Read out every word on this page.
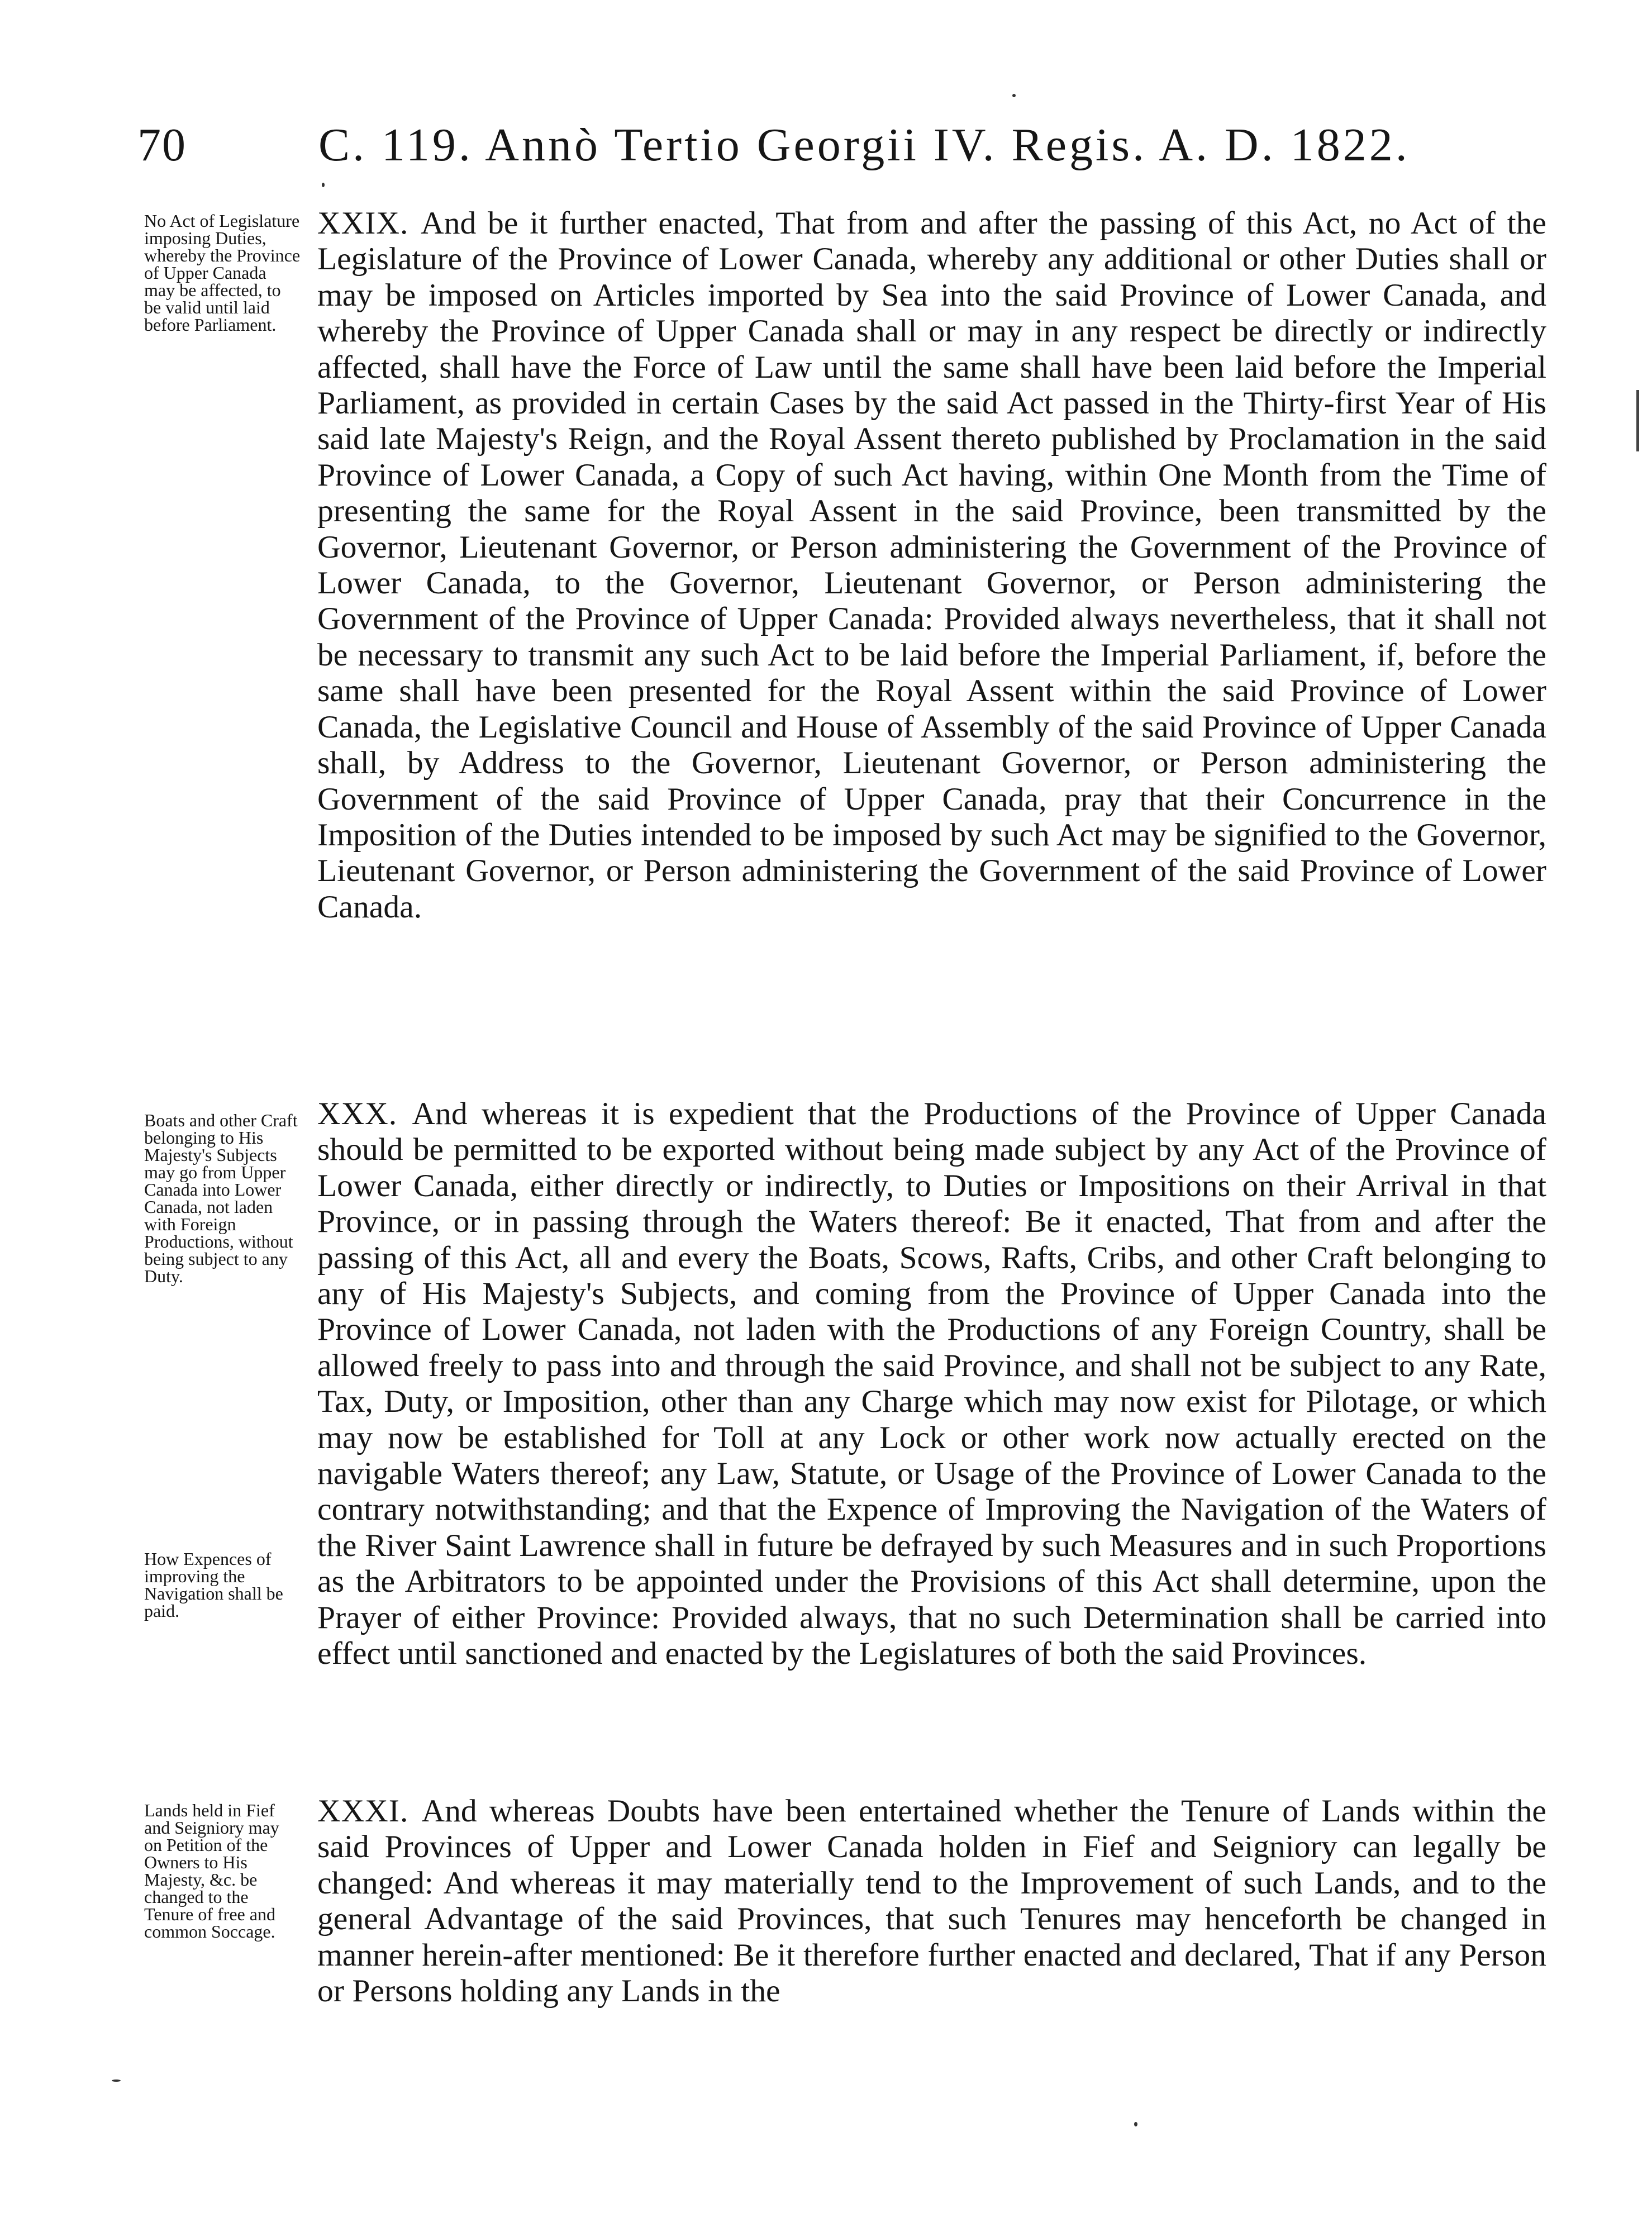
70	C. 119. Annò Tertio Georgii IV. Regis. A. D. 1822.
No Act of Legislature imposing Duties, whereby the Province of Upper Canada may be affected, to be valid until laid before Parliament.
Boats and other Craft belonging to His Majesty's Subjects may go from Upper Canada into Lower Canada, not laden with Foreign Productions, without being subject to any Duty.
How Expences of improving the Navigation shall be paid.
Lands held in Fief and Seigniory may on Petition of the Owners to His Majesty, &c. be changed to the Tenure of free and common Soccage.
XXIX. And be it further enacted, That from and after the passing of this Act, no Act of the Legislature of the Province of Lower Canada, whereby any additional or other Duties shall or may be imposed on Articles imported by Sea into the said Province of Lower Canada, and whereby the Province of Upper Canada shall or may in any respect be directly or indirectly affected, shall have the Force of Law until the same shall have been laid before the Imperial Parliament, as provided in certain Cases by the said Act passed in the Thirty-first Year of His said late Majesty's Reign, and the Royal Assent thereto published by Proclamation in the said Province of Lower Canada, a Copy of such Act having, within One Month from the Time of presenting the same for the Royal Assent in the said Province, been transmitted by the Governor, Lieutenant Governor, or Person administering the Government of the Province of Lower Canada, to the Governor, Lieutenant Governor, or Person administering the Government of the Province of Upper Canada: Provided always nevertheless, that it shall not be necessary to transmit any such Act to be laid before the Imperial Parliament, if, before the same shall have been presented for the Royal Assent within the said Province of Lower Canada, the Legislative Council and House of Assembly of the said Province of Upper Canada shall, by Address to the Governor, Lieutenant Governor, or Person administering the Government of the said Province of Upper Canada, pray that their Concurrence in the Imposition of the Duties intended to be imposed by such Act may be signified to the Governor, Lieutenant Governor, or Person administering the Government of the said Province of Lower Canada.
XXX. And whereas it is expedient that the Productions of the Province of Upper Canada should be permitted to be exported without being made subject by any Act of the Province of Lower Canada, either directly or indirectly, to Duties or Impositions on their Arrival in that Province, or in passing through the Waters thereof: Be it enacted, That from and after the passing of this Act, all and every the Boats, Scows, Rafts, Cribs, and other Craft belonging to any of His Majesty's Subjects, and coming from the Province of Upper Canada into the Province of Lower Canada, not laden with the Productions of any Foreign Country, shall be allowed freely to pass into and through the said Province, and shall not be subject to any Rate, Tax, Duty, or Imposition, other than any Charge which may now exist for Pilotage, or which may now be established for Toll at any Lock or other work now actually erected on the navigable Waters thereof; any Law, Statute, or Usage of the Province of Lower Canada to the contrary notwithstanding; and that the Expence of Improving the Navigation of the Waters of the River Saint Lawrence shall in future be defrayed by such Measures and in such Proportions as the Arbitrators to be appointed under the Provisions of this Act shall determine, upon the Prayer of either Province: Provided always, that no such Determination shall be carried into effect until sanctioned and enacted by the Legislatures of both the said Provinces.
XXXI. And whereas Doubts have been entertained whether the Tenure of Lands within the said Provinces of Upper and Lower Canada holden in Fief and Seigniory can legally be changed: And whereas it may materially tend to the Improvement of such Lands, and to the general Advantage of the said Provinces, that such Tenures may henceforth be changed in manner herein-after mentioned: Be it therefore further enacted and declared, That if any Person or Persons holding any Lands in the
